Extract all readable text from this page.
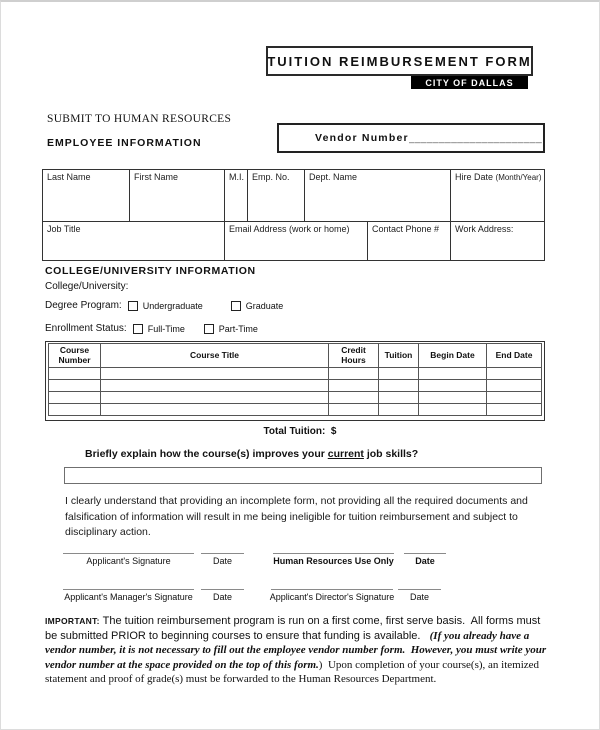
TUITION REIMBURSEMENT FORM
CITY OF DALLAS
SUBMIT TO HUMAN RESOURCES
EMPLOYEE INFORMATION	Vendor Number ______________________
Last Name	First Name	M.I.	Emp. No.	Dept. Name	Hire Date (Month/Year)
Job Title	Email Address (work or home)	Contact Phone #	Work Address:
COLLEGE/UNIVERSITY INFORMATION
College/University:
Degree Program: Undergraduate	Graduate
Enrollment Status: Full-Time	Part-Time
Course Number	Course Title	Credit Hours	Tuition	Begin Date	End Date

Total Tuition:  $
Briefly explain how the course(s) improves your current job skills?
I clearly understand that providing an incomplete form, not providing all the required documents and falsification of information will result in me being ineligible for tuition reimbursement and subject to disciplinary action.
Applicant's Signature	Date	Human Resources Use Only Date
Applicant's Manager's Signature Date	Applicant's Director's Signature Date

IMPORTANT: The tuition reimbursement program is run on a first come, first serve basis.  All forms must be submitted PRIOR to beginning courses to ensure that funding is available.   (If you already have a vendor number, it is not necessary to fill out the employee vendor number form.  However, you must write your vendor number at the space provided on the top of this form.)  Upon completion of your course(s), an itemized statement and proof of grade(s) must be forwarded to the Human Resources Department.
